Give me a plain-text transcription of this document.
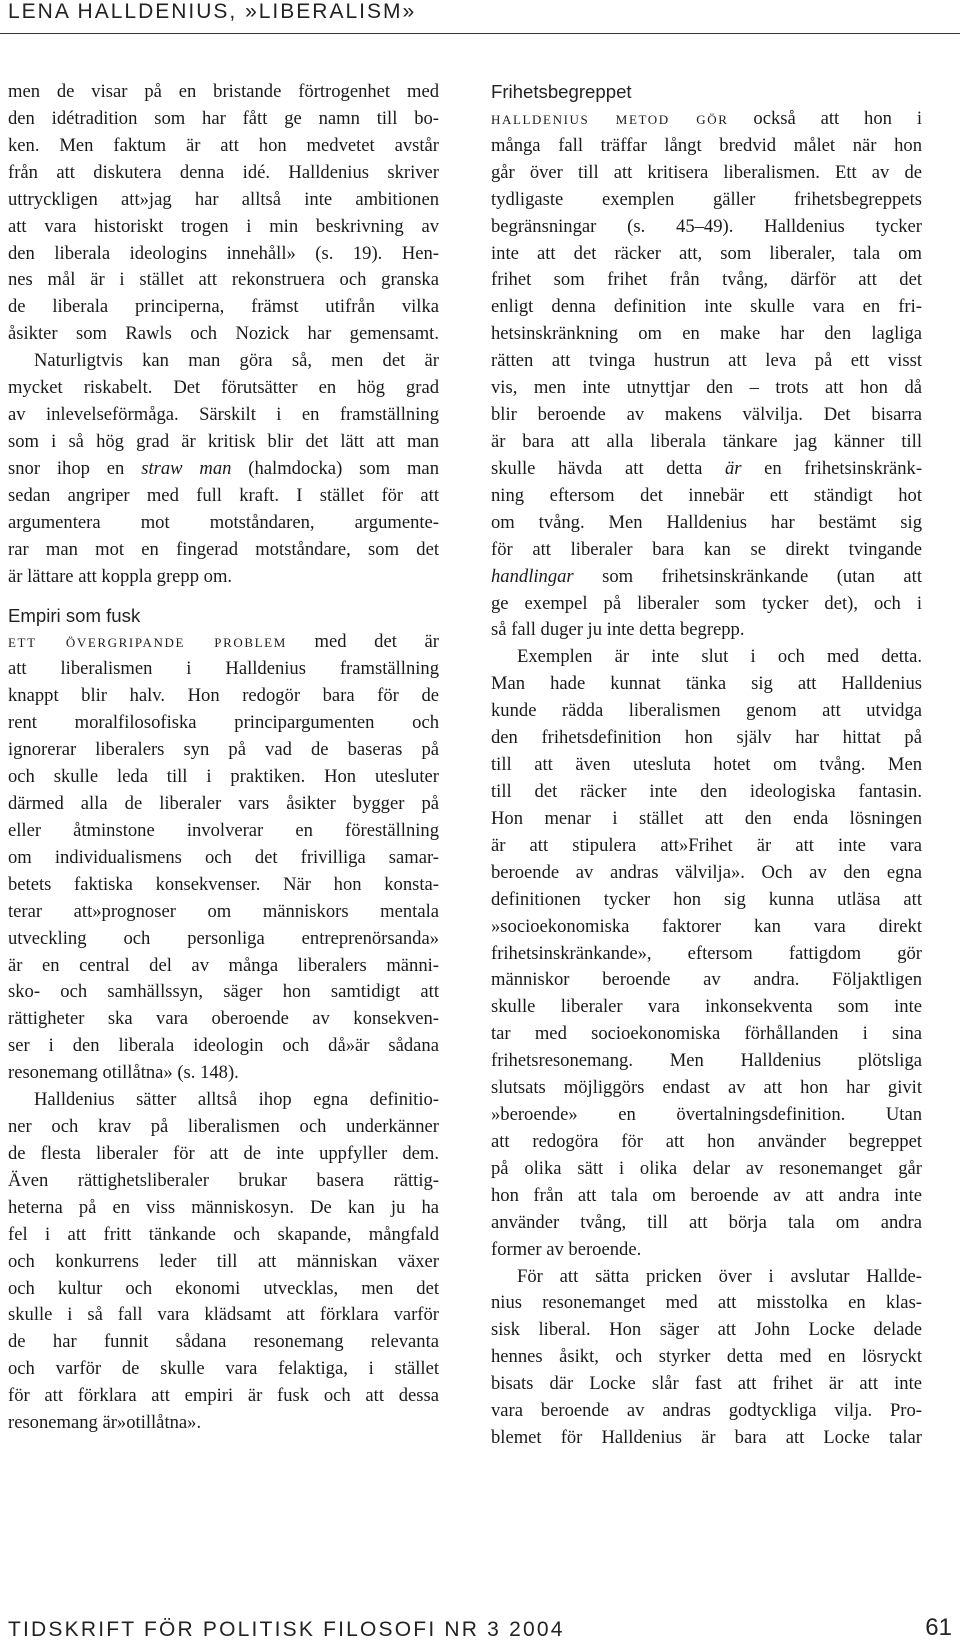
LENA HALLDENIUS, »LIBERALISM»
men de visar på en bristande förtrogenhet med
den idétradition som har fått ge namn till bo-
ken. Men faktum är att hon medvetet avstår
från att diskutera denna idé. Halldenius skriver
uttryckligen att»jag har alltså inte ambitionen
att vara historiskt trogen i min beskrivning av
den liberala ideologins innehåll» (s. 19). Hen-
nes mål är i stället att rekonstruera och granska
de liberala principerna, främst utifrån vilka
åsikter som Rawls och Nozick har gemensamt.
Naturligtvis kan man göra så, men det är
mycket riskabelt. Det förutsätter en hög grad
av inlevelseförmåga. Särskilt i en framställning
som i så hög grad är kritisk blir det lätt att man
snor ihop en straw man (halmdocka) som man
sedan angriper med full kraft. I stället för att
argumentera mot motståndaren, argumente-
rar man mot en fingerad motståndare, som det
är lättare att koppla grepp om.
Empiri som fusk
ett övergripande problem med det är
att liberalismen i Halldenius framställning
knappt blir halv. Hon redogör bara för de
rent moralfilosofiska principargumenten och
ignorerar liberalers syn på vad de baseras på
och skulle leda till i praktiken. Hon utesluter
därmed alla de liberaler vars åsikter bygger på
eller åtminstone involverar en föreställning
om individualismens och det frivilliga samar-
betets faktiska konsekvenser. När hon konsta-
terar att»prognoser om människors mentala
utveckling och personliga entreprenörsanda»
är en central del av många liberalers männi-
sko- och samhällssyn, säger hon samtidigt att
rättigheter ska vara oberoende av konsekven-
ser i den liberala ideologin och då»är sådana
resonemang otillåtna» (s. 148).
Halldenius sätter alltså ihop egna definitio-
ner och krav på liberalismen och underkänner
de flesta liberaler för att de inte uppfyller dem.
Även rättighetsliberaler brukar basera rättig-
heterna på en viss människosyn. De kan ju ha
fel i att fritt tänkande och skapande, mångfald
och konkurrens leder till att människan växer
och kultur och ekonomi utvecklas, men det
skulle i så fall vara klädsamt att förklara varför
de har funnit sådana resonemang relevanta
och varför de skulle vara felaktiga, i stället
för att förklara att empiri är fusk och att dessa
resonemang är»otillåtna».
Frihetsbegreppet
halldenius metod gör också att hon i
många fall träffar långt bredvid målet när hon
går över till att kritisera liberalismen. Ett av de
tydligaste exemplen gäller frihetsbegreppets
begränsningar (s. 45–49). Halldenius tycker
inte att det räcker att, som liberaler, tala om
frihet som frihet från tvång, därför att det
enligt denna definition inte skulle vara en fri-
hetsinskränkning om en make har den lagliga
rätten att tvinga hustrun att leva på ett visst
vis, men inte utnyttjar den – trots att hon då
blir beroende av makens välvilja. Det bisarra
är bara att alla liberala tänkare jag känner till
skulle hävda att detta är en frihetsinskränk-
ning eftersom det innebär ett ständigt hot
om tvång. Men Halldenius har bestämt sig
för att liberaler bara kan se direkt tvingande
handlingar som frihetsinskränkande (utan att
ge exempel på liberaler som tycker det), och i
så fall duger ju inte detta begrepp.
Exemplen är inte slut i och med detta.
Man hade kunnat tänka sig att Halldenius
kunde rädda liberalismen genom att utvidga
den frihetsdefinition hon själv har hittat på
till att även utesluta hotet om tvång. Men
till det räcker inte den ideologiska fantasin.
Hon menar i stället att den enda lösningen
är att stipulera att»Frihet är att inte vara
beroende av andras välvilja». Och av den egna
definitionen tycker hon sig kunna utläsa att
»socioekonomiska faktorer kan vara direkt
frihetsinskränkande», eftersom fattigdom gör
människor beroende av andra. Följaktligen
skulle liberaler vara inkonsekventa som inte
tar med socioekonomiska förhållanden i sina
frihetsresonemang. Men Halldenius plötsliga
slutsats möjliggörs endast av att hon har givit
»beroende» en övertalningsdefinition. Utan
att redogöra för att hon använder begreppet
på olika sätt i olika delar av resonemanget går
hon från att tala om beroende av att andra inte
använder tvång, till att börja tala om andra
former av beroende.
För att sätta pricken över i avslutar Hallde-
nius resonemanget med att misstolka en klas-
sisk liberal. Hon säger att John Locke delade
hennes åsikt, och styrker detta med en lösryckt
bisats där Locke slår fast att frihet är att inte
vara beroende av andras godtyckliga vilja. Pro-
blemet för Halldenius är bara att Locke talar
TIDSKRIFT FÖR POLITISK FILOSOFI NR 3 2004	61
